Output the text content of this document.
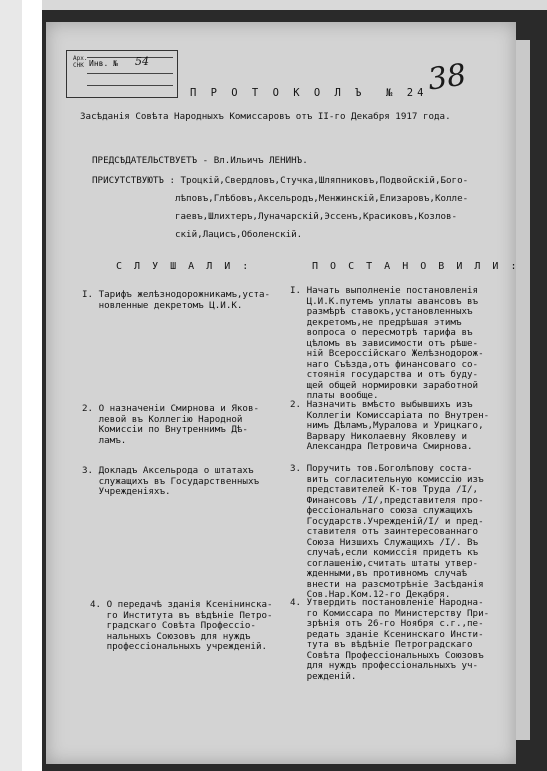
Арх.
СНК Инв. № 54	38
П Р О Т О К О Л Ъ  № 24
Засѣданія Совѣта Народныхъ Комиссаровъ отъ II-го Декабря 1917 года.
ПРЕДСѢДАТЕЛЬСТВУЕТЪ - Вл.Ильичъ ЛЕНИНЪ.
ПРИСУТСТВУЮТЪ : Троцкій,Свердловъ,Стучка,Шляпниковъ,Подвойскій,Бого-
лѣповъ,Глѣбовъ,Аксельродъ,Менжинскій,Елизаровъ,Колле-
гаевъ,Шлихтеръ,Луначарскій,Эссенъ,Красиковъ,Козлов-
скій,Лацисъ,Оболенскій.
С Л У Ш А Л И :	П О С Т А Н О В И Л И :
I. Тарифъ желѣзнодорожникамъ,уста-
новленные декретомъ Ц.И.К.
I. Начать выполненіе постановленія
Ц.И.К.путемъ уплаты авансовъ въ
размѣрѣ ставокъ,установленныхъ
декретомъ,не предрѣшая этимъ
вопроса о пересмотрѣ тарифа въ
цѣломъ въ зависимости отъ рѣше-
ній Всероссійскаго Желѣзнодорож-
наго Съѣзда,отъ финансоваго со-
стоянія государства и отъ буду-
щей общей нормировки заработной
платы вообще.
2. О назначеніи Смирнова и Яков-
левой въ Коллегію Народной
Комиссіи по Внутреннимъ Дѣ-
ламъ.
2. Назначить вмѣсто выбывшихъ изъ
Коллегіи Комиссаріата по Внутрен-
нимъ Дѣламъ,Муралова и Урицкаго,
Варвару Николаевну Яковлеву и
Александра Петровича Смирнова.
3. Докладъ Аксельрода о штатахъ
служащихъ въ Государственныхъ
Учрежденіяхъ.
3. Поручить тов.Боголѣпову соста-
вить согласительную комиссію изъ
представителей К-тов Труда /I/,
Финансовъ /I/,представителя про-
фессіональнаго союза служащихъ
Государств.Учрежденій/I/ и пред-
ставителя отъ заинтересованнаго
Союза Низшихъ Служащихъ /I/. Въ
случаѣ,если комиссія придетъ къ
соглашенію,считать штаты утвер-
жденными,въ противномъ случаѣ
внести на разсмотрѣніе Засѣданія
Сов.Нар.Ком.12-го Декабря.
4. О передачѣ зданія Ксенінинска-
го Института въ вѣдѣніе Петро-
градскаго Совѣта Професcіо-
нальныхъ Союзовъ для нуждъ
профессіональныхъ учрежденій.
4. Утвердить постановленіе Народна-
го Комиссара по Министерству При-
зрѣнія отъ 26-го Ноября с.г.,пе-
редать зданіе Ксенинскаго Инсти-
тута въ вѣдѣніе Петроградскаго
Совѣта Профессіональныхъ Союзовъ
для нуждъ профессіональныхъ уч-
режденій.
